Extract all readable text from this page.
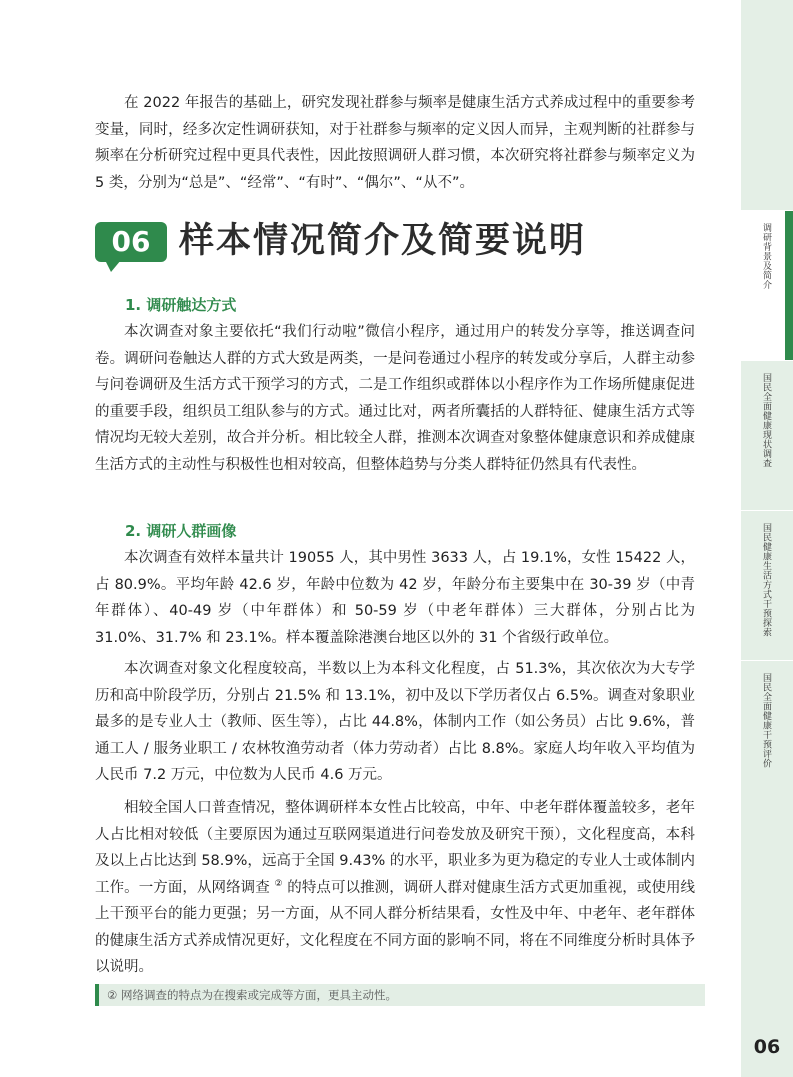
在 2022 年报告的基础上，研究发现社群参与频率是健康生活方式养成过程中的重要参考变量，同时，经多次定性调研获知，对于社群参与频率的定义因人而异，主观判断的社群参与频率在分析研究过程中更具代表性，因此按照调研人群习惯，本次研究将社群参与频率定义为 5 类，分别为“总是”、“经常”、“有时”、“偶尔”、“从不”。

06 样本情况简介及简要说明
1. 调研触达方式

本次调查对象主要依托“我们行动啦”微信小程序，通过用户的转发分享等，推送调查问卷。调研问卷触达人群的方式大致是两类，一是问卷通过小程序的转发或分享后，人群主动参与问卷调研及生活方式干预学习的方式，二是工作组织或群体以小程序作为工作场所健康促进的重要手段，组织员工组队参与的方式。通过比对，两者所囊括的人群特征、健康生活方式等情况均无较大差别，故合并分析。相比较全人群，推测本次调查对象整体健康意识和养成健康生活方式的主动性与积极性也相对较高，但整体趋势与分类人群特征仍然具有代表性。

2. 调研人群画像

本次调查有效样本量共计 19055 人，其中男性 3633 人，占 19.1%，女性 15422 人，占 80.9%。平均年龄 42.6 岁，年龄中位数为 42 岁，年龄分布主要集中在 30-39 岁（中青年群体）、40-49 岁（中年群体）和 50-59 岁（中老年群体）三大群体，分别占比为 31.0%、31.7% 和 23.1%。样本覆盖除港澳台地区以外的 31 个省级行政单位。

本次调查对象文化程度较高，半数以上为本科文化程度，占 51.3%，其次依次为大专学历和高中阶段学历，分别占 21.5% 和 13.1%，初中及以下学历者仅占 6.5%。调查对象职业最多的是专业人士（教师、医生等），占比 44.8%，体制内工作（如公务员）占比 9.6%，普通工人 / 服务业职工 / 农林牧渔劳动者（体力劳动者）占比 8.8%。家庭人均年收入平均值为人民币 7.2 万元，中位数为人民币 4.6 万元。

相较全国人口普查情况，整体调研样本女性占比较高，中年、中老年群体覆盖较多，老年人占比相对较低（主要原因为通过互联网渠道进行问卷发放及研究干预），文化程度高，本科及以上占比达到 58.9%，远高于全国 9.43% 的水平，职业多为更为稳定的专业人士或体制内工作。一方面，从网络调查 ② 的特点可以推测，调研人群对健康生活方式更加重视，或使用线上干预平台的能力更强；另一方面，从不同人群分析结果看，女性及中年、中老年、老年群体的健康生活方式养成情况更好，文化程度在不同方面的影响不同，将在不同维度分析时具体予以说明。

② 网络调查的特点为在搜索或完成等方面，更具主动性。
调研背景及简介
国民全面健康现状调查
国民健康生活方式干预探索
国民全面健康干预评价
06
